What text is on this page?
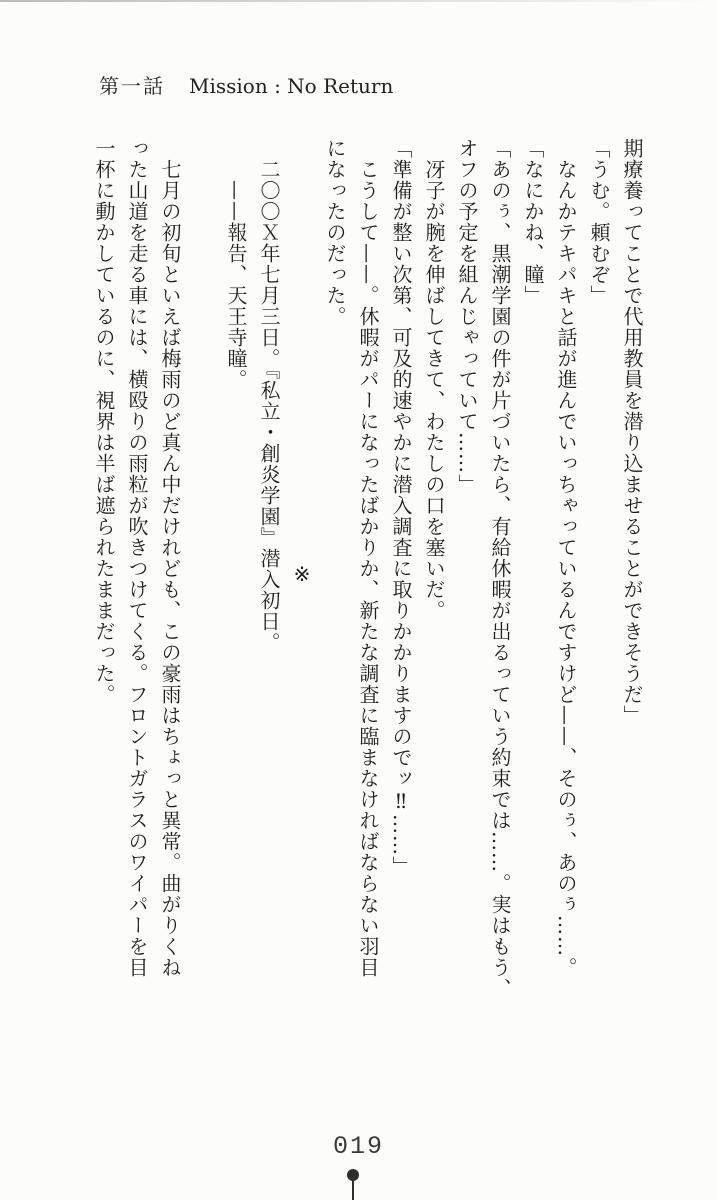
第一話 Mission : No Return

期療養ってことで代用教員を潜り込ませることができそうだ」

「うむ。頼むぞ」

　なんかテキパキと話が進んでいっちゃっているんですけど——、そのぅ、あのぅ……。

「なにかね、瞳」

「あのぅ、黒潮学園の件が片づいたら、有給休暇が出るっていう約束では……。実はもう、

オフの予定を組んじゃっていて……」

　冴子が腕を伸ばしてきて、わたしの口を塞いだ。

「準備が整い次第、可及的速やかに潜入調査に取りかかりますのでッ‼……」

　こうして——。休暇がパーになったばかりか、新たな調査に臨まなければならない羽目

になったのだった。

※

　二〇〇Ｘ年七月三日。『私立・創炎学園』潜入初日。

　　——報告、天王寺瞳。

　七月の初旬といえば梅雨のど真ん中だけれども、この豪雨はちょっと異常。曲がりくね

った山道を走る車には、横殴りの雨粒が吹きつけてくる。フロントガラスのワイパーを目

一杯に動かしているのに、視界は半ば遮られたままだった。

019
